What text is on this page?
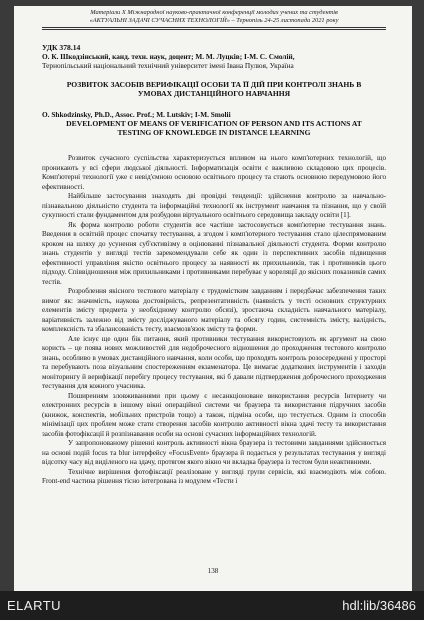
Матеріали Х Міжнародної науково-практичної конференції молодих учених та студентів
«АКТУАЛЬНІ ЗАДАЧІ СУЧАСНИХ ТЕХНОЛОГІЙ» – Тернопіль 24-25 листопада 2021 року
УДК 378.14
О. К. Шкодзінський, канд. техн. наук, доцент; М. М. Луцків; І-М. С. Смолій,
Тернопільський національний технічний університет імені Івана Пулюя, Україна
РОЗВИТОК ЗАСОБІВ ВЕРИФІКАЦІЇ ОСОБИ ТА ЇЇ ДІЙ ПРИ КОНТРОЛІ ЗНАНЬ В
УМОВАХ ДИСТАНЦІЙНОГО НАВЧАННЯ
O. Shkodzinsky, Ph.D., Assoc. Prof.; M. Lutskiv; I-M. Smolii
DEVELOPMENT OF MEANS OF VERIFICATION OF PERSON AND ITS ACTIONS AT
TESTING OF KNOWLEDGE IN DISTANCE LEARNING

Розвиток сучасного суспільства характеризується впливом на нього комп'ютерних технологій, що проникають у всі сфери людської діяльності. Інформатизація освіти є важливою складовою цих процесів. Комп'ютерні технології уже є невід'ємною основою освітнього процесу та стають основною передумовою його ефективності.

Найбільше застосування знаходять дві провідні тенденції: здійснення контролю за навчально-пізнавальною діяльністю студента та інформаційні технології як інструмент навчання та пізнання, що у своїй сукупності стали фундаментом для розбудови віртуального освітнього середовища закладу освіти [1].

Як форма контролю роботи студентів все частіше застосовується комп'ютерне тестування знань. Введення в освітній процес спочатку тестування, а згодом і комп'ютерного тестування стало цілеспрямованим кроком на шляху до усунення суб'єктивізму в оцінюванні пізнавальної діяльності студента. Форми контролю знань студентів у вигляді тестів зарекомендували себе як один із перспективних засобів підвищення ефективності управління якістю освітнього процесу за наявності як прихильників, так і противників цього підходу. Співвідношення між прихильниками і противниками перебуває у кореляції до якісних показників самих тестів.

Розроблення якісного тестового матеріалу є трудомістким завданням і передбачає забезпечення таких вимог як: значимість, наукова достовірність, репрезентативність (наявність у тесті основних структурних елементів змісту предмета у необхідному контролю обсязі), зростаюча складність навчального матеріалу, варіативність залежно від змісту досліджуваного матеріалу та обсягу годин, системність змісту, валідність, комплексність та збалансованість тесту, взаємозв'язок змісту та форми.

Але існує ще один бік питання, який противники тестування використовують як аргумент на свою користь – це поява нових можливостей для недоброчесного відношення до проходження тестового контролю знань, особливо в умовах дистанційного навчання, коли особи, що проходять контроль розосереджені у просторі та перебувають поза візуальним спостереженням екзаменатора. Це вимагає додаткових інструментів і заходів моніторингу й верифікації перебігу процесу тестування, які б давали підтвердження доброчесного проходження тестування для кожного учасника.

Поширенням зловживаннями при цьому є несанкціоноване використання ресурсів Інтернету чи електронних ресурсів в іншому вікні операційної системи чи браузера та використання підручних засобів (книжок, конспектів, мобільних пристроїв тощо) а також, підміна особи, що тестується. Одним із способів мінімізації цих проблем може стати створення засобів контролю активності вікна здачі тесту та використання засобів фотофіксації й розпізнавання особи на основі сучасних інформаційних технологій.

У запропонованому рішенні контроль активності вікна браузера із тестовими завданнями здійснюється на основі подій focus та blur інтерфейсу «FocusEvent» браузера й подається у результатах тестування у вигляді відсотку часу від виділеного на здачу, протягом якого вікно чи вкладка браузера із тестом були неактивними.

Технічне вирішення фотофіксації реалізоване у вигляді групи сервісів, які взаємодіють між собою. Front-end частина рішення тісно інтегрована із модулем «Тести і

138
ELARTU	hdl:lib/36486
